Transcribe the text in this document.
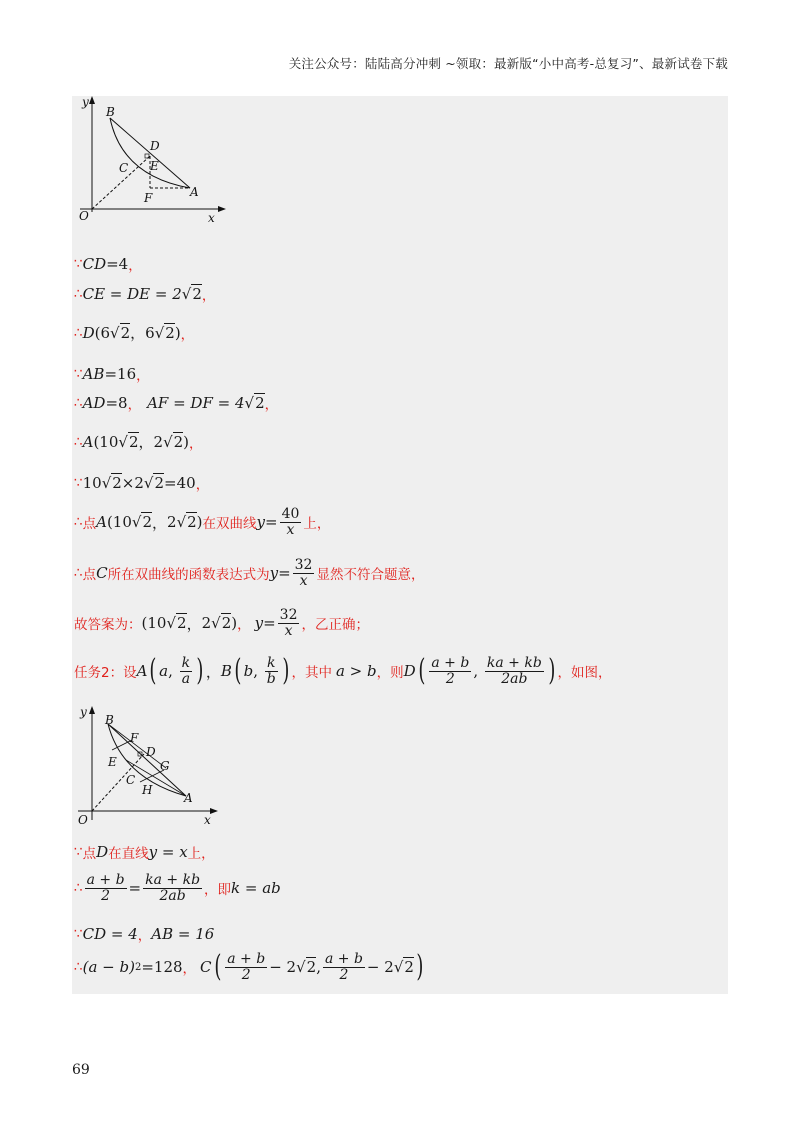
关注公众号：陆陆高分冲刺 ~领取：最新版“小中高考-总复习”、最新试卷下载
y
B
D
C E
F	A
O	x
∵ CD =4 ，
∴ CE = DE = 2 √2 ，
∴ D ( 6 √2 ， 6 √2 ) ，
∵ AB =16 ，
∴ AD =8 ， AF = DF = 4 √2 ，
∴ A ( 10 √2 ， 2 √2 ) ，
∵ 10 √2 × 2 √2 =40 ，
∴ 点 A ( 10 √2 ， 2 √2 ) 在双曲线 $y = \frac{40}{x}$ 上，
∴ 点 C 所在双曲线的函数表达式为 $y = \frac{32}{x}$ 显然不符合题意，
故答案为： ( 10 √2 ， 2 √2 ) ， $y = \frac{32}{x}$ ，乙正确；
任务2：设 A ( a , $\frac{k}{a}$ ) ， B ( b , $\frac{k}{b}$ ) ，其中 a > b ，则 D ( $\frac{a + b}{2}$ , $\frac{ka + kb}{2ab}$ ) ，如图，
y
B
F
D
E	G
C
H
A
O	x
∵ 点 D 在直线 y = x 上，
∴ $\frac{a + b}{2} = \frac{ka + kb}{2ab}$ ，即 k = ab
∵ CD = 4 ， AB = 16
∴ (a − b) 2 =128 ， C ( $\frac{a + b}{2} - 2$ √2 , $\frac{a + b}{2} - 2$ √2 )
69
